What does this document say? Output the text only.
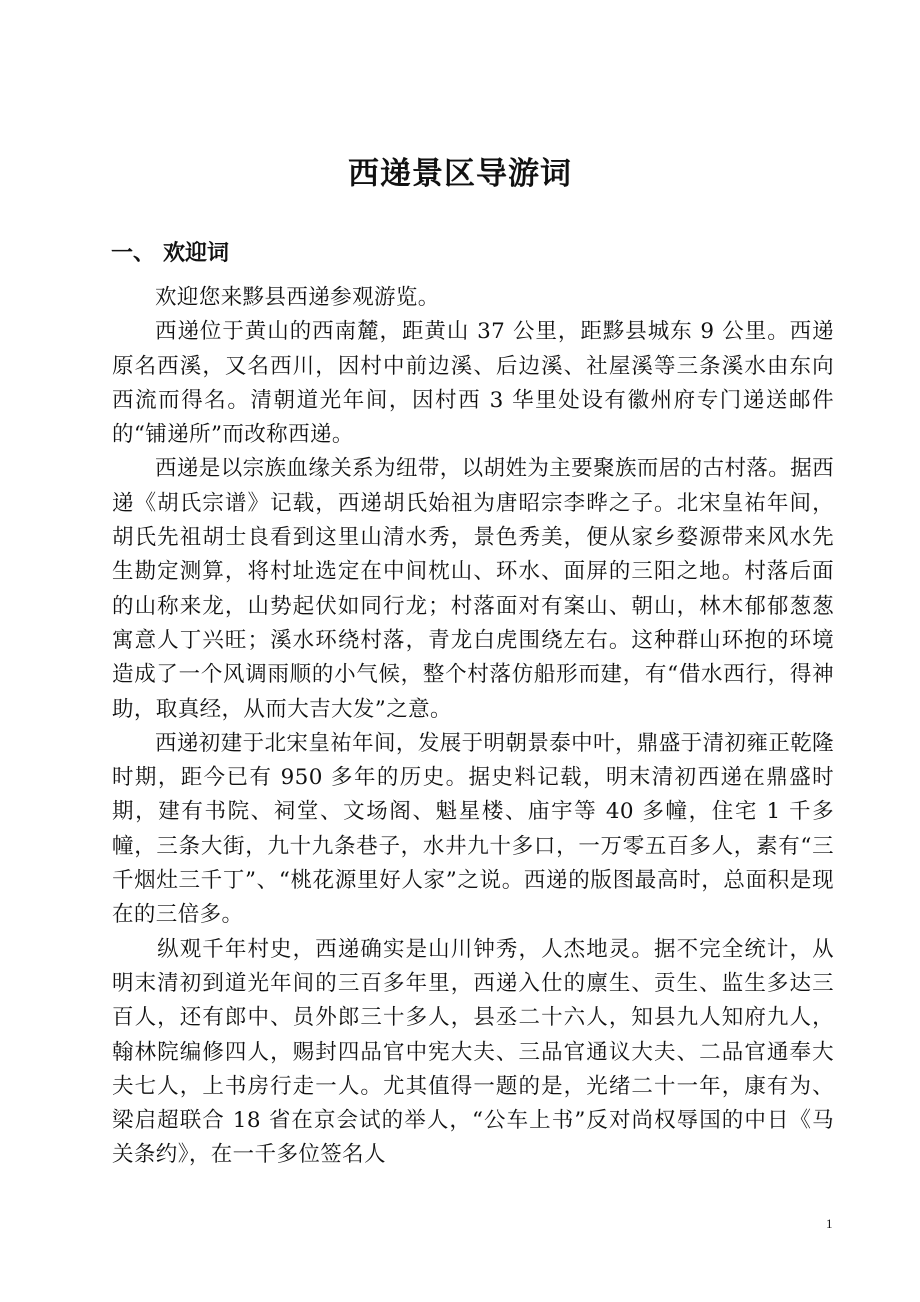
西递景区导游词
一、 欢迎词

欢迎您来黟县西递参观游览。

西递位于黄山的西南麓，距黄山 37 公里，距黟县城东 9 公里。西递原名西溪，又名西川，因村中前边溪、后边溪、社屋溪等三条溪水由东向西流而得名。清朝道光年间，因村西 3 华里处设有徽州府专门递送邮件的“铺递所”而改称西递。

西递是以宗族血缘关系为纽带，以胡姓为主要聚族而居的古村落。据西递《胡氏宗谱》记载，西递胡氏始祖为唐昭宗李晔之子。北宋皇祐年间，胡氏先祖胡士良看到这里山清水秀，景色秀美，便从家乡婺源带来风水先生勘定测算，将村址选定在中间枕山、环水、面屏的三阳之地。村落后面的山称来龙，山势起伏如同行龙；村落面对有案山、朝山，林木郁郁葱葱寓意人丁兴旺；溪水环绕村落，青龙白虎围绕左右。这种群山环抱的环境造成了一个风调雨顺的小气候，整个村落仿船形而建，有“借水西行，得神助，取真经，从而大吉大发”之意。

西递初建于北宋皇祐年间，发展于明朝景泰中叶，鼎盛于清初雍正乾隆时期，距今已有 950 多年的历史。据史料记载，明末清初西递在鼎盛时期，建有书院、祠堂、文场阁、魁星楼、庙宇等 40 多幢，住宅 1 千多幢，三条大街，九十九条巷子，水井九十多口，一万零五百多人，素有“三千烟灶三千丁”、“桃花源里好人家”之说。西递的版图最高时，总面积是现在的三倍多。

纵观千年村史，西递确实是山川钟秀，人杰地灵。据不完全统计，从明末清初到道光年间的三百多年里，西递入仕的廪生、贡生、监生多达三百人，还有郎中、员外郎三十多人，县丞二十六人，知县九人知府九人，翰林院编修四人，赐封四品官中宪大夫、三品官通议大夫、二品官通奉大夫七人，上书房行走一人。尤其值得一题的是，光绪二十一年，康有为、梁启超联合 18 省在京会试的举人，“公车上书”反对尚权辱国的中日《马关条约》，在一千多位签名人

1
